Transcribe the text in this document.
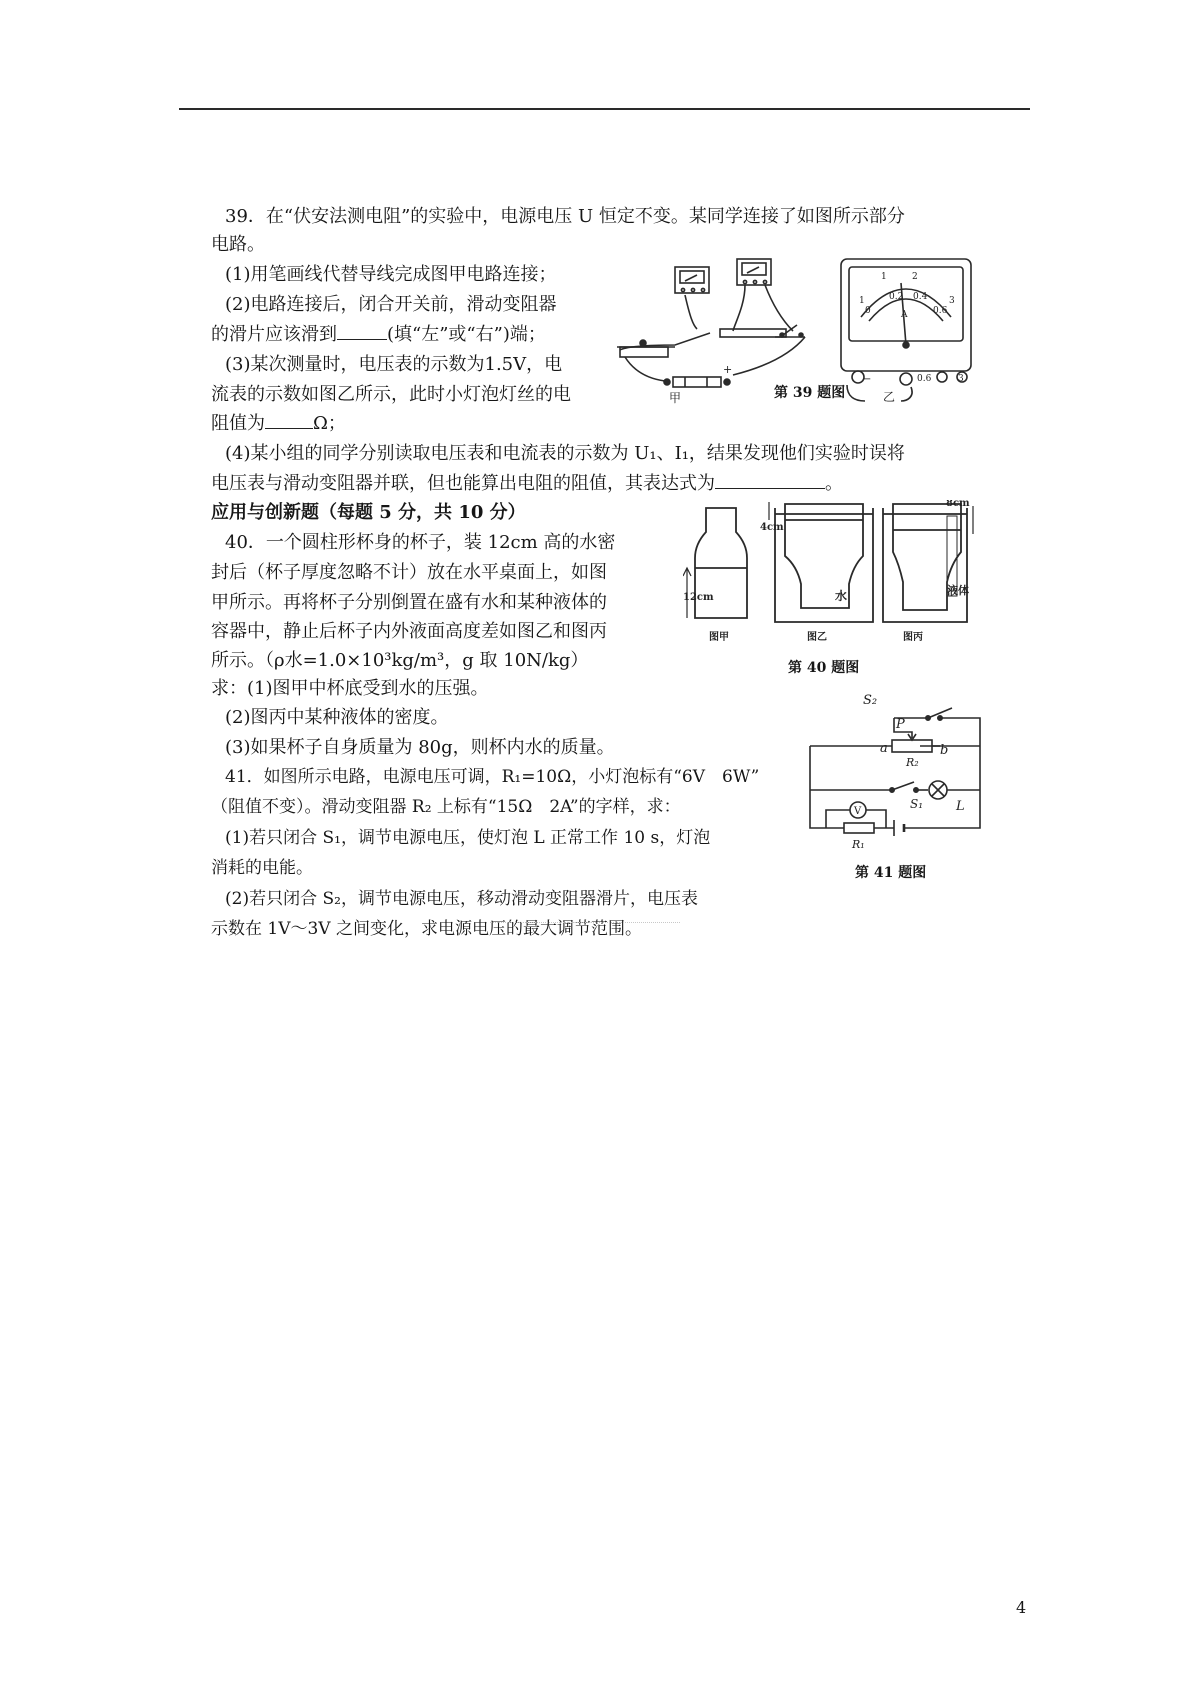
39．在“伏安法测电阻”的实验中，电源电压 U 恒定不变。某同学连接了如图所示部分
电路。
(1)用笔画线代替导线完成图甲电路连接；
(2)电路连接后，闭合开关前，滑动变阻器
的滑片应该滑到	(填“左”或“右”)端；
(3)某次测量时，电压表的示数为1.5V，电
流表的示数如图乙所示，此时小灯泡灯丝的电
阻值为	Ω；
(4)某小组的同学分别读取电压表和电流表的示数为 U₁、I₁，结果发现他们实验时误将
电压表与滑动变阻器并联，但也能算出电阻的阻值，其表达式为	。
+
甲
0
0.2 0.4
0.6
1
1	2
3
A
0.6	3
−
乙
第 39 题图
应用与创新题（每题 5 分，共 10 分）
40．一个圆柱形杯身的杯子，装 12cm 高的水密
封后（杯子厚度忽略不计）放在水平桌面上，如图
甲所示。再将杯子分别倒置在盛有水和某种液体的
容器中，静止后杯子内外液面高度差如图乙和图丙
所示。（ρ水=1.0×10³kg/m³，g 取 10N/kg）
求：(1)图甲中杯底受到水的压强。
(2)图丙中某种液体的密度。
(3)如果杯子自身质量为 80g，则杯内水的质量。
12cm
4cm
8cm
水	液体
图甲	图乙	图丙
第 40 题图
41．如图所示电路，电源电压可调，R₁=10Ω，小灯泡标有“6V　6W”
（阻值不变）。滑动变阻器 R₂ 上标有“15Ω　2A”的字样，求：
(1)若只闭合 S₁，调节电源电压，使灯泡 L 正常工作 10 s，灯泡
消耗的电能。
(2)若只闭合 S₂，调节电源电压，移动滑动变阻器滑片，电压表
示数在 1V～3V 之间变化，求电源电压的最大调节范围。
S₂
P
a	b
R₂
S₁	L
V
R₁
第 41 题图
4
